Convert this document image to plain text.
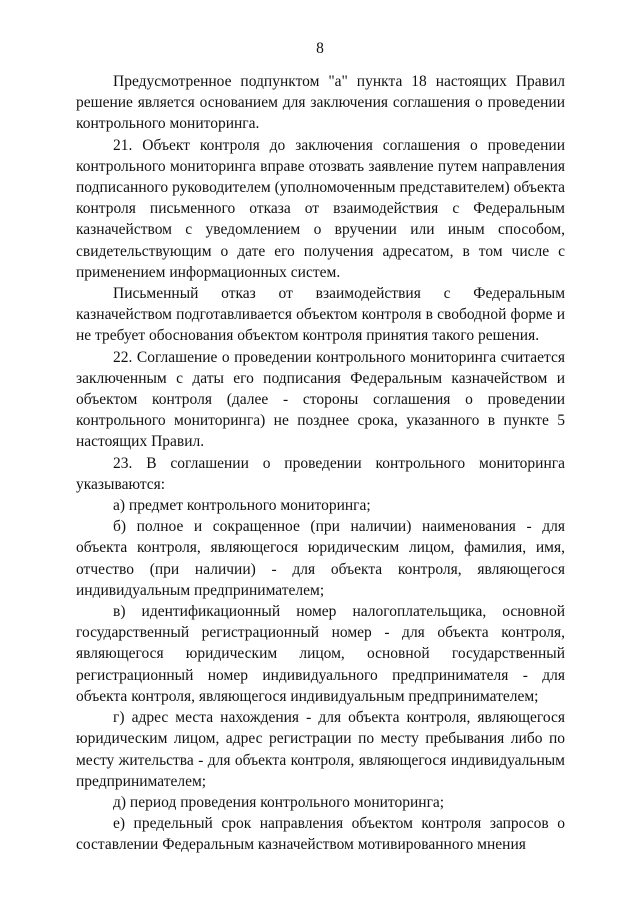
8

Предусмотренное подпунктом "а" пункта 18 настоящих Правил решение является основанием для заключения соглашения о проведении контрольного мониторинга.

21. Объект контроля до заключения соглашения о проведении контрольного мониторинга вправе отозвать заявление путем направления подписанного руководителем (уполномоченным представителем) объекта контроля письменного отказа от взаимодействия с Федеральным казначейством с уведомлением о вручении или иным способом, свидетельствующим о дате его получения адресатом, в том числе с применением информационных систем.

Письменный отказ от взаимодействия с Федеральным казначейством подготавливается объектом контроля в свободной форме и не требует обоснования объектом контроля принятия такого решения.

22. Соглашение о проведении контрольного мониторинга считается заключенным с даты его подписания Федеральным казначейством и объектом контроля (далее - стороны соглашения о проведении контрольного мониторинга) не позднее срока, указанного в пункте 5 настоящих Правил.

23. В соглашении о проведении контрольного мониторинга указываются:

а) предмет контрольного мониторинга;

б) полное и сокращенное (при наличии) наименования - для объекта контроля, являющегося юридическим лицом, фамилия, имя, отчество (при наличии) - для объекта контроля, являющегося индивидуальным предпринимателем;

в) идентификационный номер налогоплательщика, основной государственный регистрационный номер - для объекта контроля, являющегося юридическим лицом, основной государственный регистрационный номер индивидуального предпринимателя - для объекта контроля, являющегося индивидуальным предпринимателем;

г) адрес места нахождения - для объекта контроля, являющегося юридическим лицом, адрес регистрации по месту пребывания либо по месту жительства - для объекта контроля, являющегося индивидуальным предпринимателем;

д) период проведения контрольного мониторинга;

е) предельный срок направления объектом контроля запросов о составлении Федеральным казначейством мотивированного мнения
